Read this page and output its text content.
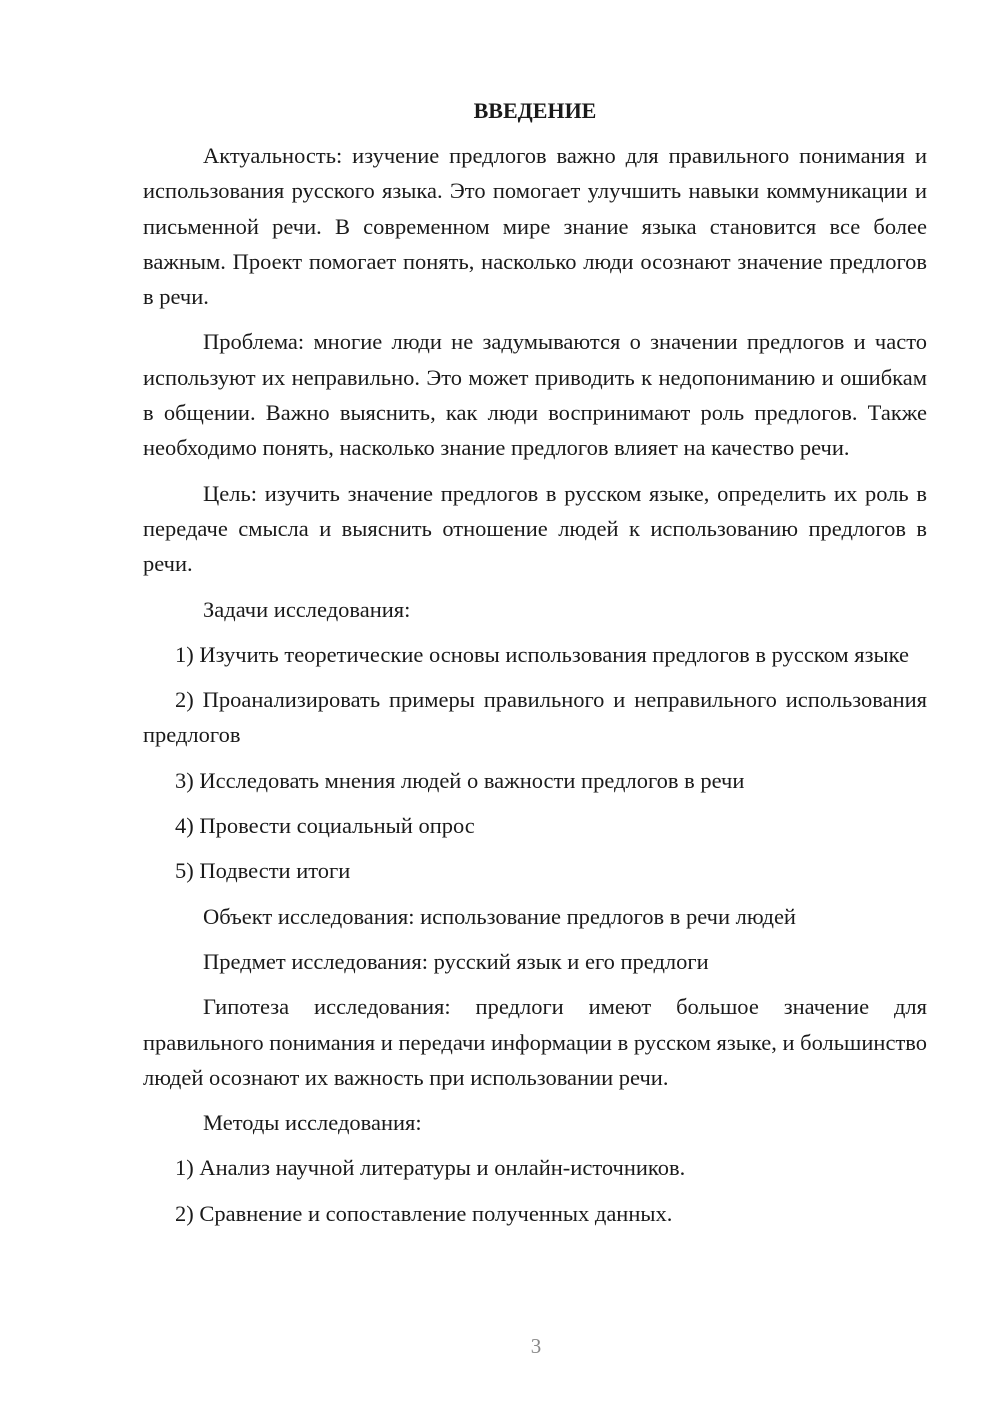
ВВЕДЕНИЕ

Актуальность: изучение предлогов важно для правильного понимания и использования русского языка. Это помогает улучшить навыки коммуникации и письменной речи. В современном мире знание языка становится все более важным. Проект помогает понять, насколько люди осознают значение предлогов в речи.

Проблема: многие люди не задумываются о значении предлогов и часто используют их неправильно. Это может приводить к недопониманию и ошибкам в общении. Важно выяснить, как люди воспринимают роль предлогов. Также необходимо понять, насколько знание предлогов влияет на качество речи.

Цель: изучить значение предлогов в русском языке, определить их роль в передаче смысла и выяснить отношение людей к использованию предлогов в речи.

Задачи исследования:

1) Изучить теоретические основы использования предлогов в русском языке

2) Проанализировать примеры правильного и неправильного использования предлогов

3) Исследовать мнения людей о важности предлогов в речи

4) Провести социальный опрос

5) Подвести итоги

Объект исследования: использование предлогов в речи людей

Предмет исследования: русский язык и его предлоги

Гипотеза исследования: предлоги имеют большое значение для правильного понимания и передачи информации в русском языке, и большинство людей осознают их важность при использовании речи.

Методы исследования:

1) Анализ научной литературы и онлайн-источников.

2) Сравнение и сопоставление полученных данных.

3
